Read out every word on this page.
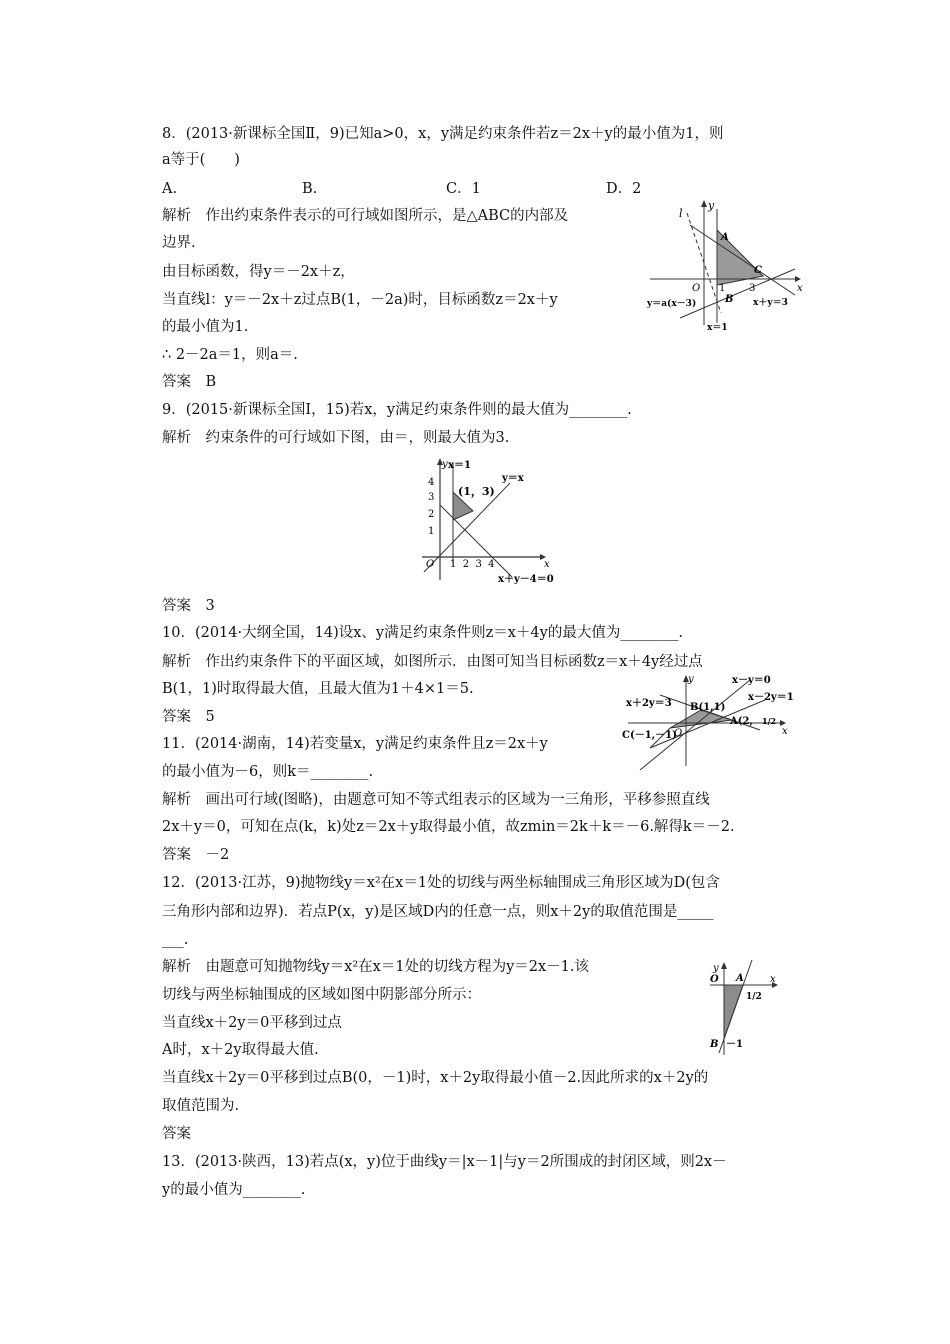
8．(2013·新课标全国Ⅱ，9)已知a>0，x，y满足约束条件若z＝2x＋y的最小值为1，则
a等于(　　)
A.	B.	C．1	D．2
解析　作出约束条件表示的可行域如图所示，是△ABC的内部及
边界.
由目标函数，得y＝－2x＋z，
当直线l：y＝－2x＋z过点B(1，－2a)时，目标函数z＝2x＋y
的最小值为1.
∴ 2－2a＝1，则a＝.
答案　B
l
y
A
C
O 1 3	x
B
y＝a(x－3)	x＋y＝3
x＝1
9．(2015·新课标全国Ⅰ，15)若x，y满足约束条件则的最大值为________.
解析　约束条件的可行域如下图，由＝，则最大值为3.
y x＝1
y＝x
(1，3)
4
3
2
1
O 1  2  3  4	x
x＋y－4＝0
答案　3
10．(2014·大纲全国，14)设x、y满足约束条件则z＝x＋4y的最大值为________.
解析　作出约束条件下的平面区域，如图所示．由图可知当目标函数z＝x＋4y经过点
B(1，1)时取得最大值，且最大值为1＋4×1＝5.
答案　5
y	x－y＝0
x－2y＝1
x＋2y＝3 B(1,1)
A(2, 1/2
C(－1,－1)
O	x
11．(2014·湖南，14)若变量x，y满足约束条件且z＝2x＋y
的最小值为－6，则k＝________.
解析　画出可行域(图略)，由题意可知不等式组表示的区域为一三角形，平移参照直线
2x＋y＝0，可知在点(k，k)处z＝2x＋y取得最小值，故zmin＝2k＋k＝－6.解得k＝－2.
答案　－2
12．(2013·江苏，9)抛物线y＝x²在x＝1处的切线与两坐标轴围成三角形区域为D(包含
三角形内部和边界)．若点P(x，y)是区域D内的任意一点，则x＋2y的取值范围是_____
___.
解析　由题意可知抛物线y＝x²在x＝1处的切线方程为y＝2x－1.该
切线与两坐标轴围成的区域如图中阴影部分所示：
当直线x＋2y＝0平移到过点
A时，x＋2y取得最大值.
当直线x＋2y＝0平移到过点B(0，－1)时，x＋2y取得最小值－2.因此所求的x＋2y的
取值范围为.
答案
y
O A	x
1/2
B －1
13．(2013·陕西，13)若点(x，y)位于曲线y＝|x－1|与y＝2所围成的封闭区域，则2x－
y的最小值为________.
